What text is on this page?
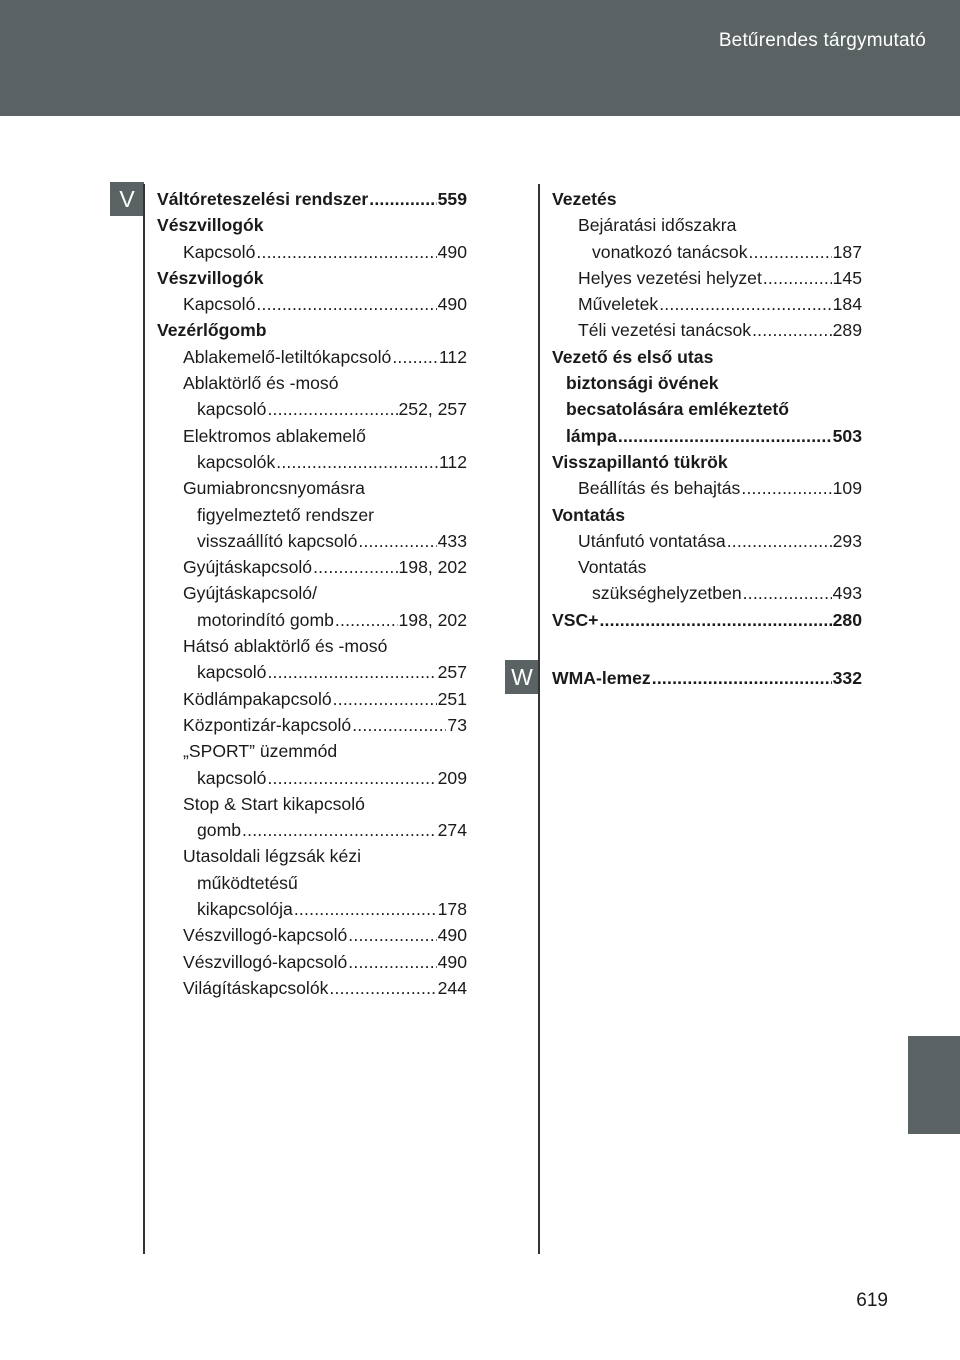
Betűrendes tárgymutató
V
W
Váltóreteszelési rendszer .....	559
Vészvillogók
Kapcsoló .....	490
Vészvillogók
Kapcsoló .....	490
Vezérlőgomb
Ablakemelő-letiltókapcsoló .....	112
Ablaktörlő és -mosó
kapcsoló .....	252, 257
Elektromos ablakemelő
kapcsolók .....	112
Gumiabroncsnyomásra
figyelmeztető rendszer
visszaállító kapcsoló .....	433
Gyújtáskapcsoló .....	198, 202
Gyújtáskapcsoló/
motorindító gomb .....	198, 202
Hátsó ablaktörlő és -mosó
kapcsoló .....	257
Ködlámpakapcsoló .....	251
Központizár-kapcsoló .....	73
„SPORT” üzemmód
kapcsoló .....	209
Stop & Start kikapcsoló
gomb .....	274
Utasoldali légzsák kézi
működtetésű
kikapcsolója .....	178
Vészvillogó-kapcsoló .....	490
Vészvillogó-kapcsoló .....	490
Világításkapcsolók .....	244
Vezetés
Bejáratási időszakra
vonatkozó tanácsok .....	187
Helyes vezetési helyzet .....	145
Műveletek .....	184
Téli vezetési tanácsok .....	289
Vezető és első utas
biztonsági övének
becsatolására emlékeztető
lámpa .....	503
Visszapillantó tükrök
Beállítás és behajtás .....	109
Vontatás
Utánfutó vontatása .....	293
Vontatás
szükséghelyzetben .....	493
VSC+ .....	280
WMA-lemez .....	332
619
